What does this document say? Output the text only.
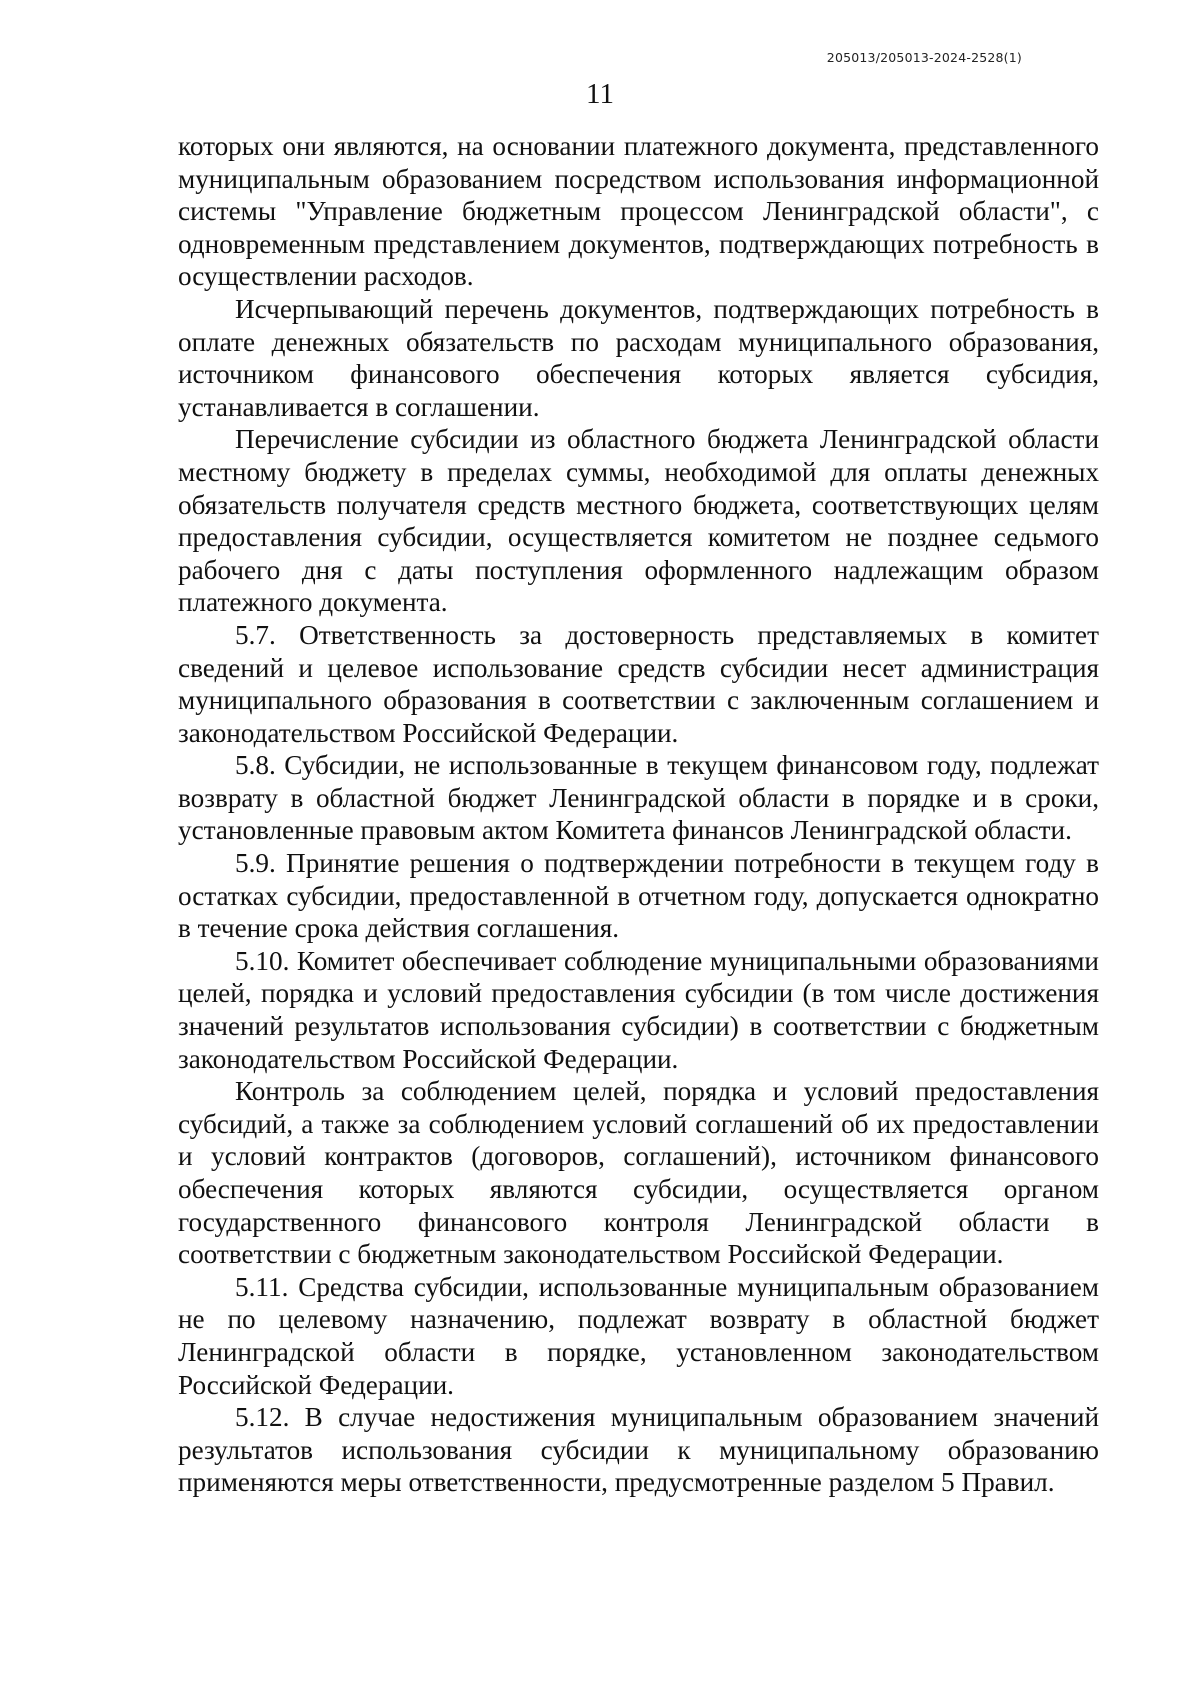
205013/205013-2024-2528(1)
11

которых они являются, на основании платежного документа, представленного муниципальным образованием посредством использования информационной системы "Управление бюджетным процессом Ленинградской области", с одновременным представлением документов, подтверждающих потребность в осуществлении расходов.

Исчерпывающий перечень документов, подтверждающих потребность в оплате денежных обязательств по расходам муниципального образования, источником финансового обеспечения которых является субсидия, устанавливается в соглашении.

Перечисление субсидии из областного бюджета Ленинградской области местному бюджету в пределах суммы, необходимой для оплаты денежных обязательств получателя средств местного бюджета, соответствующих целям предоставления субсидии, осуществляется комитетом не позднее седьмого рабочего дня с даты поступления оформленного надлежащим образом платежного документа.

5.7. Ответственность за достоверность представляемых в комитет сведений и целевое использование средств субсидии несет администрация муниципального образования в соответствии с заключенным соглашением и законодательством Российской Федерации.

5.8. Субсидии, не использованные в текущем финансовом году, подлежат возврату в областной бюджет Ленинградской области в порядке и в сроки, установленные правовым актом Комитета финансов Ленинградской области.

5.9. Принятие решения о подтверждении потребности в текущем году в остатках субсидии, предоставленной в отчетном году, допускается однократно в течение срока действия соглашения.

5.10. Комитет обеспечивает соблюдение муниципальными образованиями целей, порядка и условий предоставления субсидии (в том числе достижения значений результатов использования субсидии) в соответствии с бюджетным законодательством Российской Федерации.

Контроль за соблюдением целей, порядка и условий предоставления субсидий, а также за соблюдением условий соглашений об их предоставлении и условий контрактов (договоров, соглашений), источником финансового обеспечения которых являются субсидии, осуществляется органом государственного финансового контроля Ленинградской области в соответствии с бюджетным законодательством Российской Федерации.

5.11. Средства субсидии, использованные муниципальным образованием не по целевому назначению, подлежат возврату в областной бюджет Ленинградской области в порядке, установленном законодательством Российской Федерации.

5.12. В случае недостижения муниципальным образованием значений результатов использования субсидии к муниципальному образованию применяются меры ответственности, предусмотренные разделом 5 Правил.
